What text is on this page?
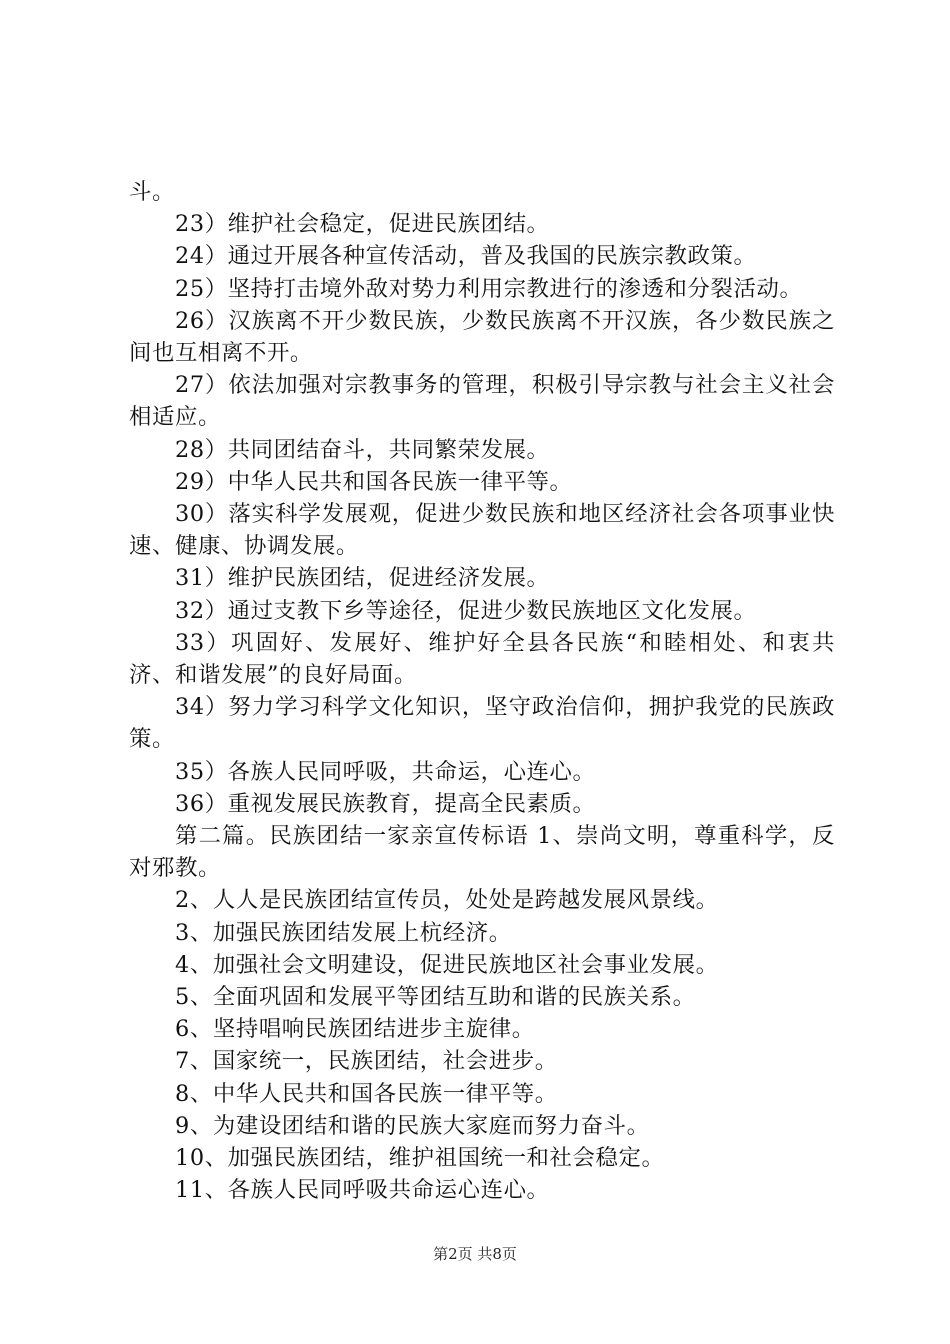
斗。

23）维护社会稳定，促进民族团结。

24）通过开展各种宣传活动，普及我国的民族宗教政策。

25）坚持打击境外敌对势力利用宗教进行的渗透和分裂活动。

26）汉族离不开少数民族，少数民族离不开汉族，各少数民族之间也互相离不开。

27）依法加强对宗教事务的管理，积极引导宗教与社会主义社会相适应。

28）共同团结奋斗，共同繁荣发展。

29）中华人民共和国各民族一律平等。

30）落实科学发展观，促进少数民族和地区经济社会各项事业快速、健康、协调发展。

31）维护民族团结，促进经济发展。

32）通过支教下乡等途径，促进少数民族地区文化发展。

33）巩固好、发展好、维护好全县各民族“和睦相处、和衷共济、和谐发展”的良好局面。

34）努力学习科学文化知识，坚守政治信仰，拥护我党的民族政策。

35）各族人民同呼吸，共命运，心连心。

36）重视发展民族教育，提高全民素质。

第二篇。民族团结一家亲宣传标语 1、崇尚文明，尊重科学，反对邪教。

2、人人是民族团结宣传员，处处是跨越发展风景线。

3、加强民族团结发展上杭经济。

4、加强社会文明建设，促进民族地区社会事业发展。

5、全面巩固和发展平等团结互助和谐的民族关系。

6、坚持唱响民族团结进步主旋律。

7、国家统一，民族团结，社会进步。

8、中华人民共和国各民族一律平等。

9、为建设团结和谐的民族大家庭而努力奋斗。

10、加强民族团结，维护祖国统一和社会稳定。

11、各族人民同呼吸共命运心连心。

第2页 共8页
